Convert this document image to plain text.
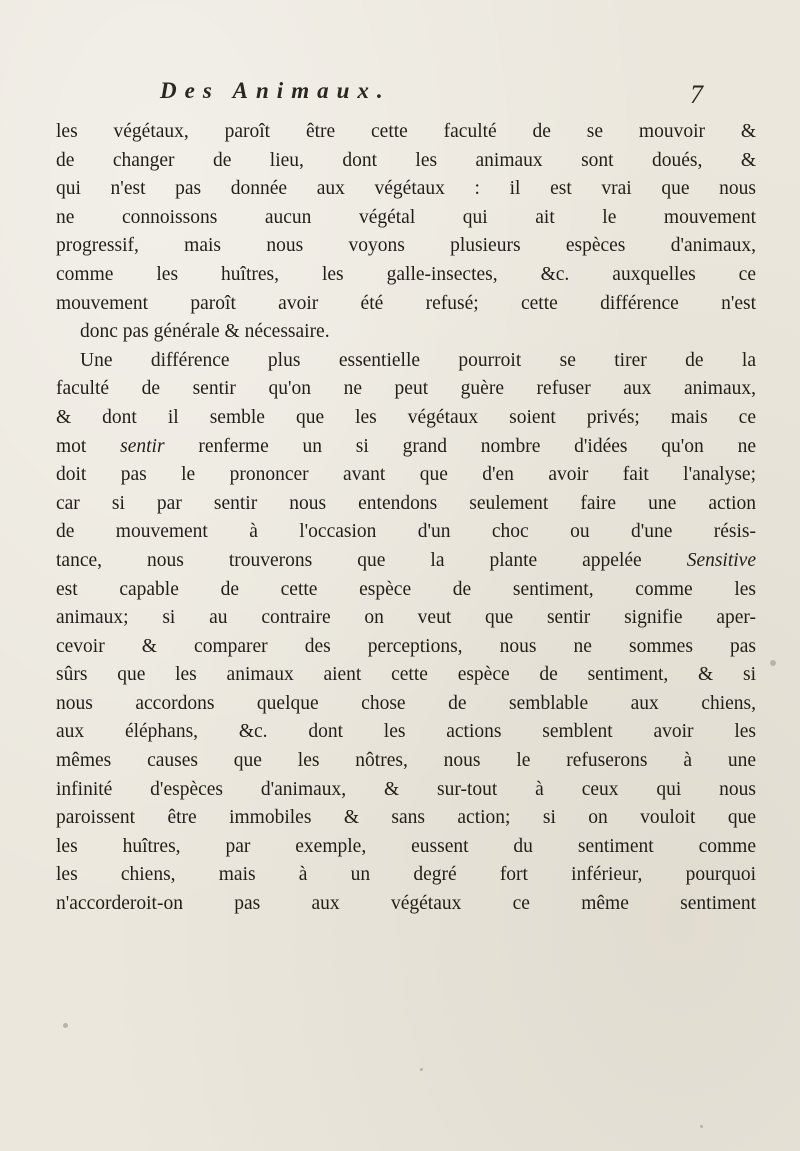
Des Animaux.	7
les végétaux, paroît être cette faculté de se mouvoir &
de changer de lieu, dont les animaux sont doués, &
qui n'est pas donnée aux végétaux : il est vrai que nous
ne connoissons aucun végétal qui ait le mouvement
progressif, mais nous voyons plusieurs espèces d'animaux,
comme les huîtres, les galle-insectes, &c. auxquelles ce
mouvement paroît avoir été refusé; cette différence n'est
donc pas générale & nécessaire.
Une différence plus essentielle pourroit se tirer de la
faculté de sentir qu'on ne peut guère refuser aux animaux,
& dont il semble que les végétaux soient privés; mais ce
mot sentir renferme un si grand nombre d'idées qu'on ne
doit pas le prononcer avant que d'en avoir fait l'analyse;
car si par sentir nous entendons seulement faire une action
de mouvement à l'occasion d'un choc ou d'une résis-
tance, nous trouverons que la plante appelée Sensitive
est capable de cette espèce de sentiment, comme les
animaux; si au contraire on veut que sentir signifie aper-
cevoir & comparer des perceptions, nous ne sommes pas
sûrs que les animaux aient cette espèce de sentiment, & si
nous accordons quelque chose de semblable aux chiens,
aux éléphans, &c. dont les actions semblent avoir les
mêmes causes que les nôtres, nous le refuserons à une
infinité d'espèces d'animaux, & sur-tout à ceux qui nous
paroissent être immobiles & sans action; si on vouloit que
les huîtres, par exemple, eussent du sentiment comme
les chiens, mais à un degré fort inférieur, pourquoi
n'accorderoit-on pas aux végétaux ce même sentiment
